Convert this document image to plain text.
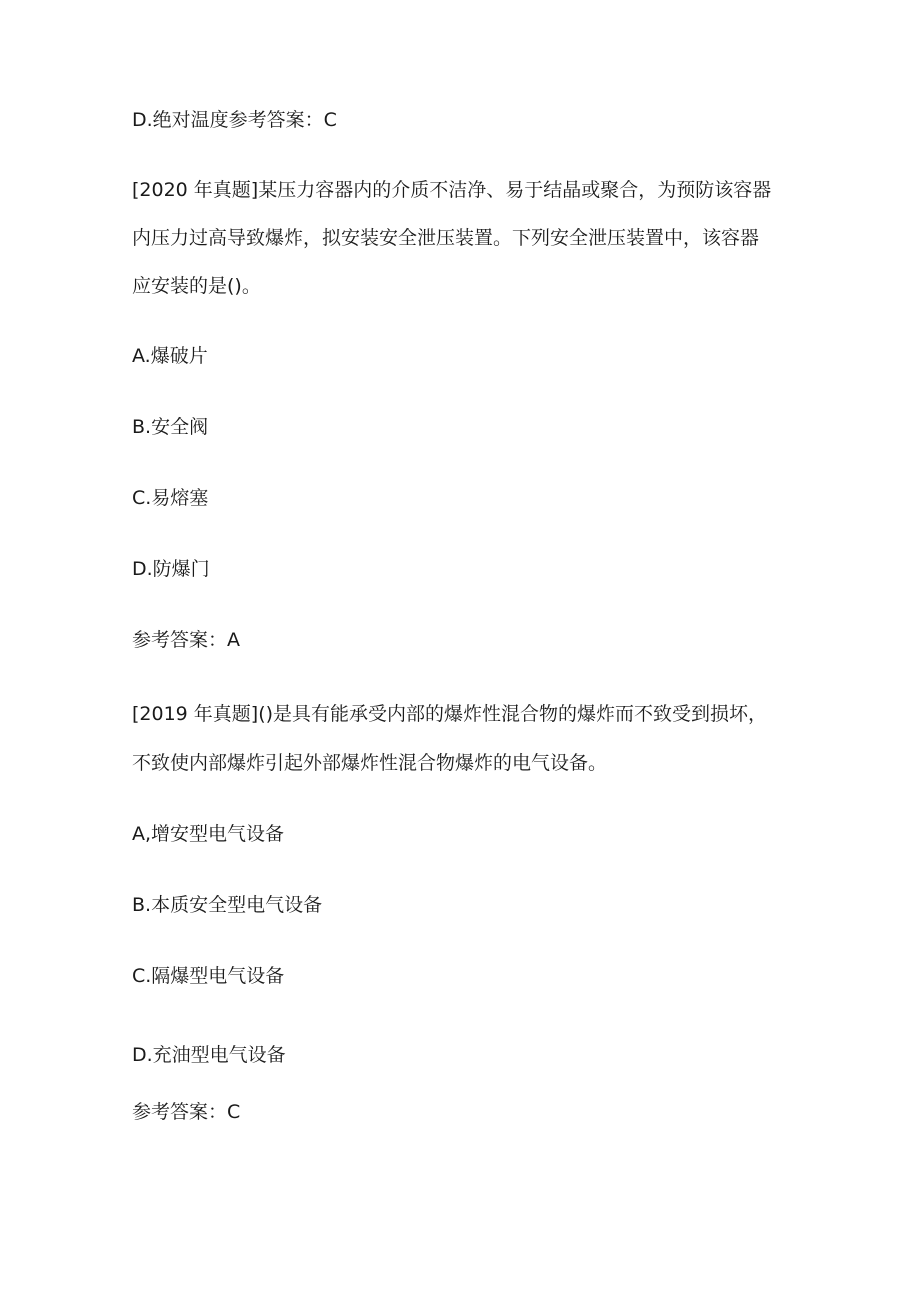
D.绝对温度参考答案：C

[2020 年真题]某压力容器内的介质不洁净、易于结晶或聚合，为预防该容器

内压力过高导致爆炸，拟安装安全泄压装置。下列安全泄压装置中，该容器

应安装的是()。

A.爆破片

B.安全阀

C.易熔塞

D.防爆门

参考答案：A

[2019 年真题]()是具有能承受内部的爆炸性混合物的爆炸而不致受到损坏，

不致使内部爆炸引起外部爆炸性混合物爆炸的电气设备。

A,增安型电气设备

B.本质安全型电气设备

C.隔爆型电气设备

D.充油型电气设备

参考答案：C
